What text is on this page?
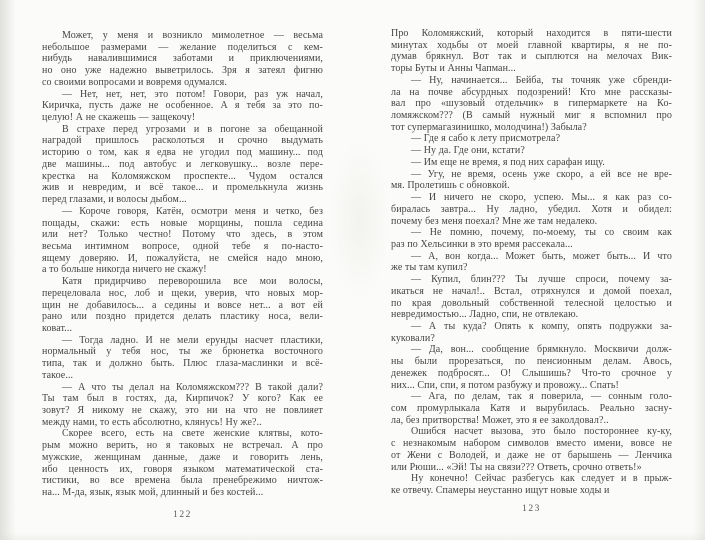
Может, у меня и возникло мимолетное — весьма
небольшое размерами — желание поделиться с кем-
нибудь навалившимися заботами и приключениями,
но оно уже надежно выветрилось. Зря я затеял фигню
со своими вопросами и вовремя одумался.
— Нет, нет, нет, это потом! Говори, раз уж начал,
Киричка, пусть даже не особенное. А я тебя за это по-
целую! А не скажешь — защекочу!
В страхе перед угрозами и в погоне за обещанной
наградой пришлось расколоться и срочно выдумать
историю о том, как я едва не угодил под машину... под
две машины... под автобус и легковушку... возле пере-
крестка на Коломяжском проспекте... Чудом остался
жив и невредим, и всё такое... и промелькнула жизнь
перед глазами, и волосы дыбом...
— Короче говоря, Катён, осмотри меня и четко, без
пощады, скажи: есть новые морщины, пошла седина
или нет? Только честно! Потому что здесь, в этом
весьма интимном вопросе, одной тебе я по-насто-
ящему доверяю. И, пожалуйста, не смейся надо мною,
а то больше никогда ничего не скажу!
Катя придирчиво переворошила все мои волосы,
перецеловала нос, лоб и щеки, уверив, что новых мор-
щин не добавилось... а седины и вовсе нет... а вот ей
рано или поздно придется делать пластику носа, вели-
коват...
— Тогда ладно. И не мели ерунды насчет пластики,
нормальный у тебя нос, ты же брюнетка восточного
типа, так и должно быть. Плюс глаза-маслинки и всё-
такое...
— А что ты делал на Коломяжском??? В такой дали?
Ты там был в гостях, да, Кирпичок? У кого? Как ее
зовут? Я никому не скажу, это ни на что не повлияет
между нами, то есть абсолютно, клянусь! Ну же?..
Скорее всего, есть на свете женские клятвы, кото-
рым можно верить, но я таковых не встречал. А про
мужские, женщинам данные, даже и говорить лень,
ибо ценность их, говоря языком математической ста-
тистики, во все времена была пренебрежимо ничтож-
на... М-да, язык, язык мой, длинный и без костей...
122
Про Коломяжский, который находится в пяти-шести
минутах ходьбы от моей главной квартиры, я не по-
думав брякнул. Вот так и сыплются на мелочах Вик-
торы Буты и Анны Чапман...
— Ну, начинается... Бейба, ты точняк уже сбренди-
ла на почве абсурдных подозрений! Кто мне рассказы-
вал про «шузовый отдельчик» в гипермаркете на Ко-
ломяжском??? (В самый нужный миг я вспомнил про
тот супермагазинишко, молодчина!) Забыла?
— Где я сабо к лету присмотрела?
— Ну да. Где они, кстати?
— Им еще не время, я под них сарафан ищу.
— Угу, не время, осень уже скоро, а ей все не вре-
мя. Пролетишь с обновкой.
— И ничего не скоро, успею. Мы... я как раз со-
биралась завтра... Ну ладно, убедил. Хотя и обидел:
почему без меня поехал? Мне же там недалеко.
— Не помню, почему, по-моему, ты со своим как
раз по Хельсинки в это время рассекала...
— А, вон когда... Может быть, может быть... И что
же ты там купил?
— Купил, блин??? Ты лучше спроси, почему за-
икаться не начал!.. Встал, отряхнулся и домой поехал,
по края довольный собственной телесной целостью и
невредимостью... Ладно, спи, не отвлекаю.
— А ты куда? Опять к компу, опять подружки за-
куковали?
— Да, вон... сообщение брямкнуло. Москвичи долж-
ны были прорезаться, по пенсионным делам. Авось,
денежек подбросят... О! Слышишь? Что-то срочное у
них... Спи, спи, я потом разбужу и провожу... Спать!
— Ага, по делам, так я поверила, — сонным голо-
сом промурлыкала Катя и вырубилась. Реально засну-
ла, без притворства! Может, это я ее заколдовал?..
Ошибся насчет вызова, это было постороннее ку-ку,
с незнакомым набором символов вместо имени, вовсе не
от Жени с Володей, и даже не от барышень — Ленчика
или Рюши... «Эй! Ты на связи??? Ответь, срочно ответь!»
Ну конечно! Сейчас разбегусь как следует и в прыж-
ке отвечу. Спамеры неустанно ищут новые ходы и
123
